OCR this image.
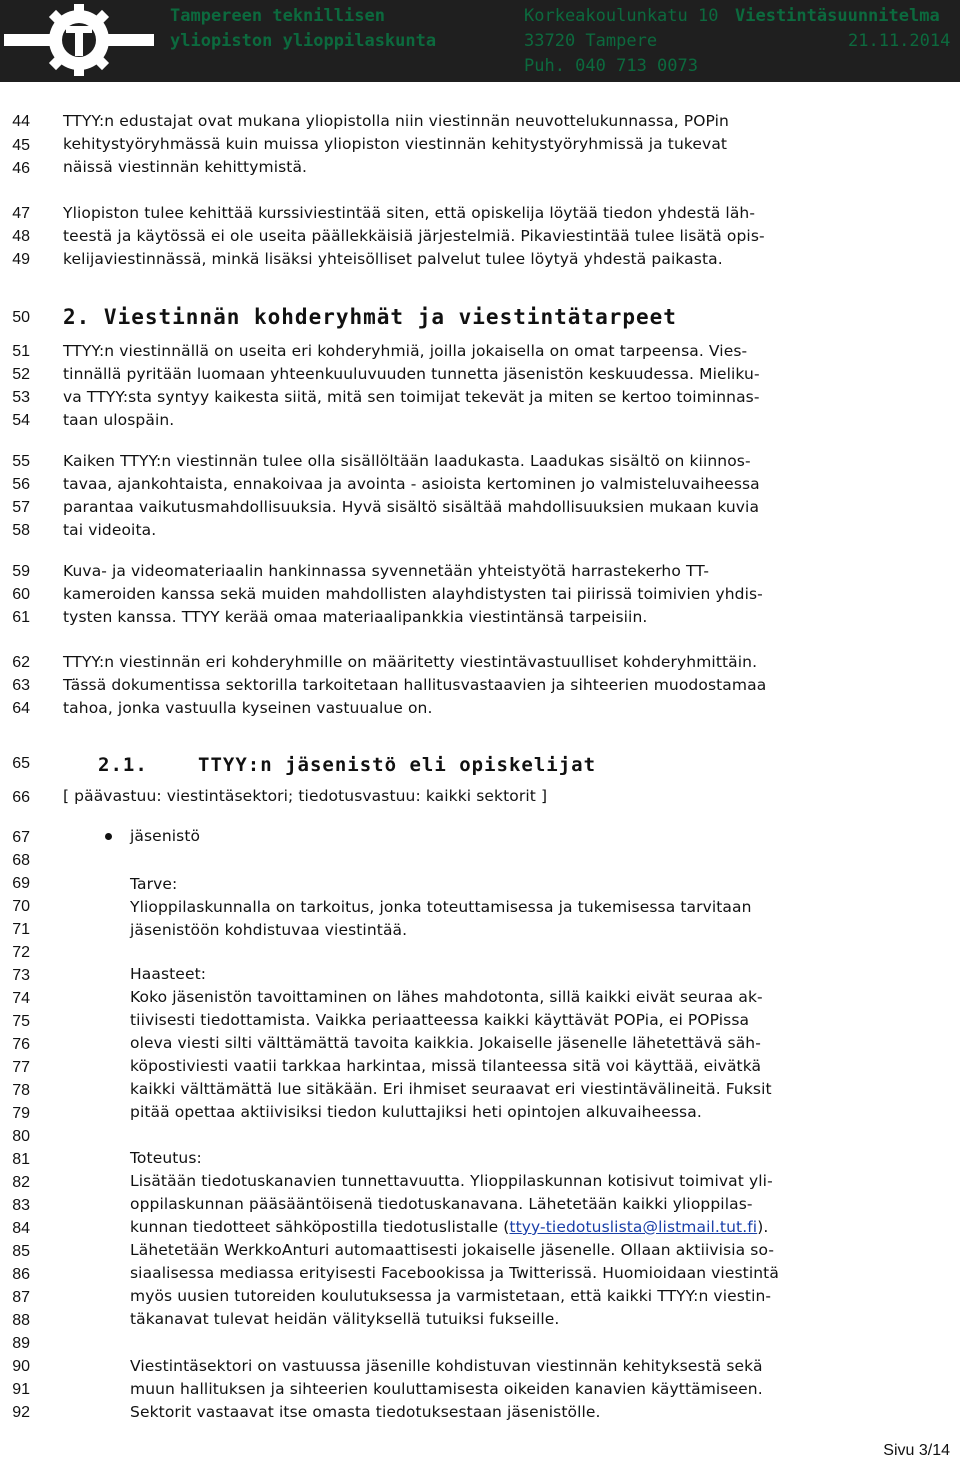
Tampereen teknillisen
yliopiston ylioppilaskunta
Korkeakoulunkatu 10
33720 Tampere
Puh. 040 713 0073
Viestintäsuunnitelma
21.11.2014
44
45
46
47
48
49
50
51
52
53
54
55
56
57
58
59
60
61
62
63
64
65
66
67
68
69
70
71
72
73
74
75
76
77
78
79
80
81
82
83
84
85
86
87
88
89
90
91
92

TTYY:n edustajat ovat mukana yliopistolla niin viestinnän neuvottelukunnassa, POPin

kehitystyöryhmässä kuin muissa yliopiston viestinnän kehitystyöryhmissä ja tukevat

näissä viestinnän kehittymistä.

Yliopiston tulee kehittää kurssiviestintää siten, että opiskelija löytää tiedon yhdestä läh-

teestä ja käytössä ei ole useita päällekkäisiä järjestelmiä. Pikaviestintää tulee lisätä opis-

kelijaviestinnässä, minkä lisäksi yhteisölliset palvelut tulee löytyä yhdestä paikasta.

2. Viestinnän kohderyhmät ja viestintätarpeet

TTYY:n viestinnällä on useita eri kohderyhmiä, joilla jokaisella on omat tarpeensa. Vies-

tinnällä pyritään luomaan yhteenkuuluvuuden tunnetta jäsenistön keskuudessa. Mieliku-

va TTYY:sta syntyy kaikesta siitä, mitä sen toimijat tekevät ja miten se kertoo toiminnas-

taan ulospäin.

Kaiken TTYY:n viestinnän tulee olla sisällöltään laadukasta. Laadukas sisältö on kiinnos-

tavaa, ajankohtaista, ennakoivaa ja avointa - asioista kertominen jo valmisteluvaiheessa

parantaa vaikutusmahdollisuuksia. Hyvä sisältö sisältää mahdollisuuksien mukaan kuvia

tai videoita.

Kuva- ja videomateriaalin hankinnassa syvennetään yhteistyötä harrastekerho TT-

kameroiden kanssa sekä muiden mahdollisten alayhdistysten tai piirissä toimivien yhdis-

tysten kanssa. TTYY kerää omaa materiaalipankkia viestintänsä tarpeisiin.

TTYY:n viestinnän eri kohderyhmille on määritetty viestintävastuulliset kohderyhmittäin.

Tässä dokumentissa sektorilla tarkoitetaan hallitusvastaavien ja sihteerien muodostamaa

tahoa, jonka vastuulla kyseinen vastuualue on.

2.1.	TTYY:n jäsenistö eli opiskelijat
[ päävastuu: viestintäsektori; tiedotusvastuu: kaikki sektorit ]
jäsenistö

Tarve:

Ylioppilaskunnalla on tarkoitus, jonka toteuttamisessa ja tukemisessa tarvitaan

jäsenistöön kohdistuvaa viestintää.

Haasteet:

Koko jäsenistön tavoittaminen on lähes mahdotonta, sillä kaikki eivät seuraa ak-

tiivisesti tiedottamista. Vaikka periaatteessa kaikki käyttävät POPia, ei POPissa

oleva viesti silti välttämättä tavoita kaikkia. Jokaiselle jäsenelle lähetettävä säh-

köpostiviesti vaatii tarkkaa harkintaa, missä tilanteessa sitä voi käyttää, eivätkä

kaikki välttämättä lue sitäkään. Eri ihmiset seuraavat eri viestintävälineitä. Fuksit

pitää opettaa aktiivisiksi tiedon kuluttajiksi heti opintojen alkuvaiheessa.

Toteutus:

Lisätään tiedotuskanavien tunnettavuutta. Ylioppilaskunnan kotisivut toimivat yli-

oppilaskunnan pääsääntöisenä tiedotuskanavana. Lähetetään kaikki ylioppilas-

kunnan tiedotteet sähköpostilla tiedotuslistalle (ttyy-tiedotuslista@listmail.tut.fi).

Lähetetään WerkkoAnturi automaattisesti jokaiselle jäsenelle. Ollaan aktiivisia so-

siaalisessa mediassa erityisesti Facebookissa ja Twitterissä. Huomioidaan viestintä

myös uusien tutoreiden koulutuksessa ja varmistetaan, että kaikki TTYY:n viestin-

täkanavat tulevat heidän välityksellä tutuiksi fukseille.

Viestintäsektori on vastuussa jäsenille kohdistuvan viestinnän kehityksestä sekä

muun hallituksen ja sihteerien kouluttamisesta oikeiden kanavien käyttämiseen.

Sektorit vastaavat itse omasta tiedotuksestaan jäsenistölle.

Sivu 3/14
